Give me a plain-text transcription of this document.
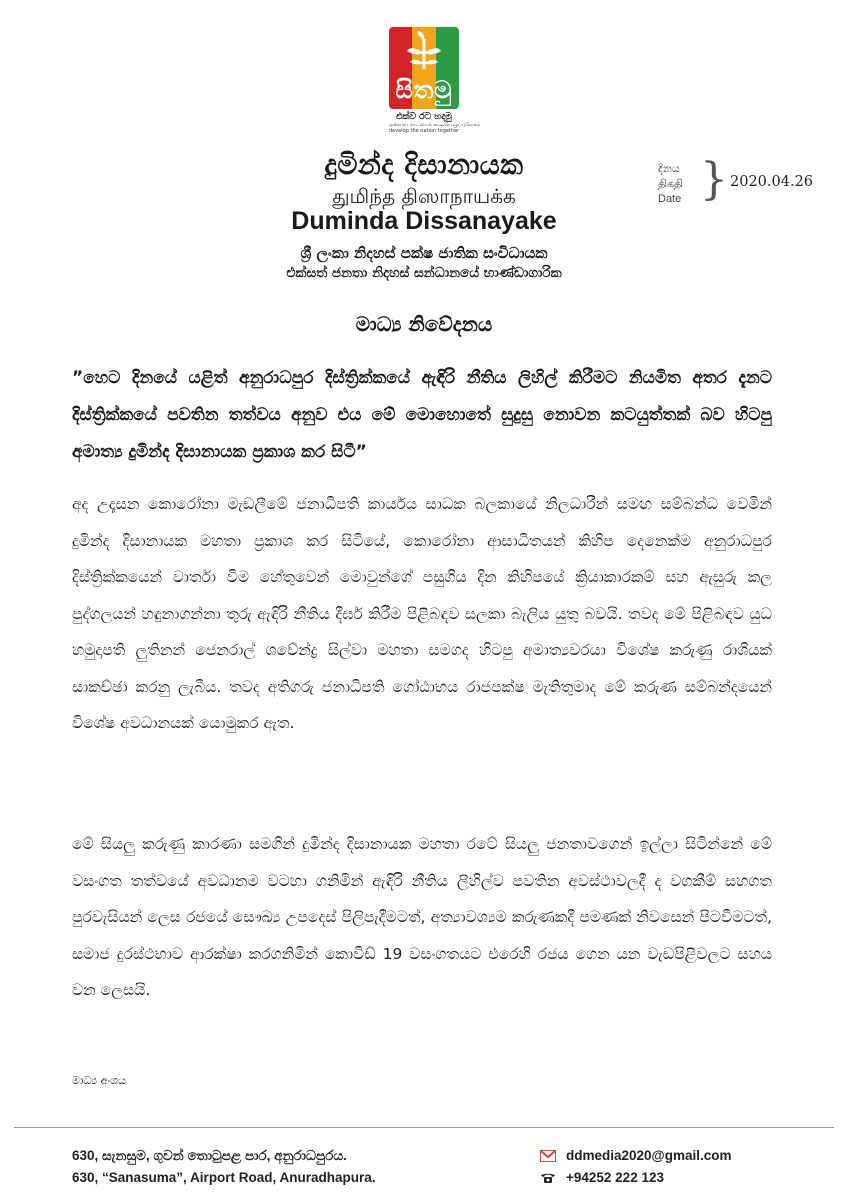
සිතමු
එක්ව රට හදමු
ஒன்றாய் நாட்டைக் கட்டியெழுப்புவோம்
develop the nation together
දුමින්ද දිසානායක
துமிந்த திஸாநாயக்க
Duminda Dissanayake
ශ්‍රී ලංකා නිදහස් පක්ෂ ජාතික සංවිධායක
එක්සත් ජනතා නිදහස් සන්ධානයේ භාණ්ඩාගාරික
දිනය
திகதி
Date } 2020.04.26
මාධ්‍ය නිවේදනය
”හෙට දිනයේ යළිත් අනුරාධපුර දිස්ත්‍රික්කයේ ඇඳිරි නීතිය ලිහිල් කිරීමට නියමිත අතර දැනට දිස්ත්‍රික්කයේ පවතින තත්වය අනුව එය මේ මොහොතේ සුදුසු නොවන කටයුත්තක් බව හිටපු අමාත්‍ය දුමින්ද දිසානායක ප්‍රකාශ කර සිටී”
අද උදෑසන කොරෝනා මැඩලීමේ ජනාධිපති කාර්යය සාධක බලකායේ නිලධාරීන් සමඟ සම්බන්ධ වෙමින් දුමින්ද දිසානායක මහතා ප්‍රකාශ කර සිටියේ, කොරෝනා ආසාධිතයන් කිහිප දෙනෙක්ම අනුරාධපුර දිස්ත්‍රික්කයෙන් වාර්තා වීම හේතුවෙන් මොවුන්ගේ පසුගිය දින කිහිපයේ ක්‍රියාකාරකම් සහ ඇසුරු කල පුද්ගලයන් හඳුනාගන්නා තුරු ඇඳිරි නීතිය දීර්ඝ කිරීම පිළිබඳව සලකා බැලිය යුතු බවයි. තවද මේ පිළිබඳව යුධ හමුදාපති ලුතිනන් ජෙනරාල් ශවේන්ද්‍ර සිල්වා මහතා සමගද හිටපු අමාත්‍යවරයා විශේෂ කරුණු රාශියක් සාකච්ඡා කරනු ලැබීය. තවද අතිගරු ජනාධිපති ගෝඨාභය රාජපක්ෂ මැතිතුමාද මේ කරුණ සම්බන්දයෙන් විශේෂ අවධානයක් යොමුකර ඇත.
මේ සියලු කරුණු කාරණා සමගින් දුමින්ද දිසානායක මහතා රටේ සියලු ජනතාවගෙන් ඉල්ලා සිටින්නේ මේ වසංගත තත්වයේ අවධානම වටහා ගනිමින් ඇඳිරි නීතිය ලිහිල්ව පවතින අවස්ථාවලදී ද වගකීම් සහගත පුරවැසියන් ලෙස රජයේ සෞඛ්‍ය උපදෙස් පිලිපැදීමටත්, අත්‍යාවශ්‍යම කරුණකදී පමණක් නිවසෙන් පිටවීමටත්, සමාජ දුරස්ථභාව ආරක්ෂා කරගනිමින් කොවිඩ් 19 වසංගතයට එරෙහි රජය ගෙන යන වැඩපිළිවලට සහය වන ලෙසයි.
මාධ්‍ය අංශය
630, සැනසුම, ගුවන් තොටුපළ පාර, අනුරාධපුරය.
630, “Sanasuma”, Airport Road, Anuradhapura.
ddmedia2020@gmail.com
+94252 222 123
